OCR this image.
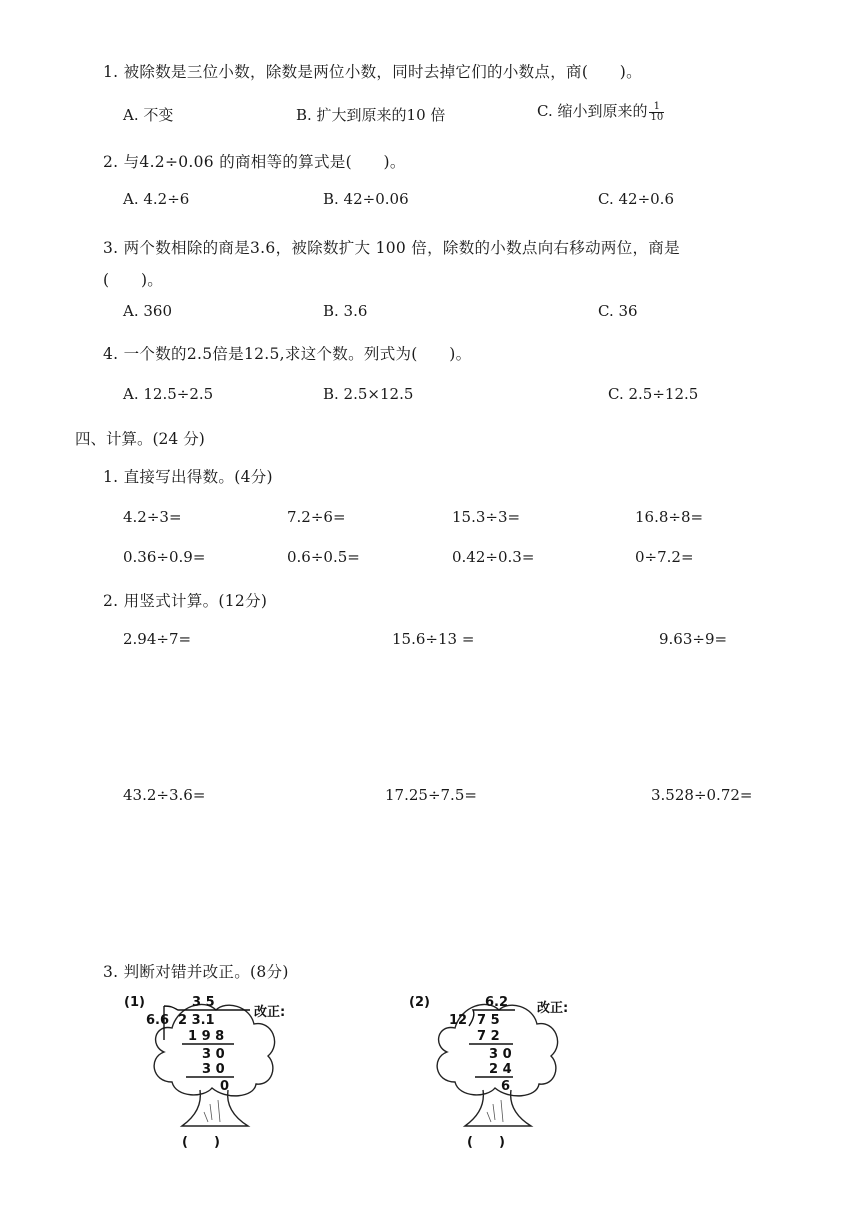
1. 被除数是三位小数，除数是两位小数，同时去掉它们的小数点，商(　　)。
A. 不变	B. 扩大到原来的10 倍	C. 缩小到原来的 $\frac{1}{10}$
2. 与4.2÷0.06 的商相等的算式是(　　)。
A. 4.2÷6	B. 42÷0.06	C. 42÷0.6
3. 两个数相除的商是3.6，被除数扩大 100 倍，除数的小数点向右移动两位，商是
(　　)。
A. 360	B. 3.6	C. 36
4. 一个数的2.5倍是12.5,求这个数。列式为(　　)。
A. 12.5÷2.5	B. 2.5×12.5	C. 2.5÷12.5
四、计算。(24 分)
1. 直接写出得数。(4分)
4.2÷3=	7.2÷6=	15.3÷3=	16.8÷8=
0.36÷0.9=	0.6÷0.5=	0.42÷0.3=	0÷7.2=
2. 用竖式计算。(12分)
2.94÷7=	15.6÷13 =	9.63÷9=
43.2÷3.6=	17.25÷7.5=	3.528÷0.72=
3. 判断对错并改正。(8分)
(1)	3 5
6.6 2 3.1
1 9 8
3 0
3 0
0
改正:
(　　)
(2)	6.2
12 7 5
7 2
3 0
2 4
6
改正:
(　　)
